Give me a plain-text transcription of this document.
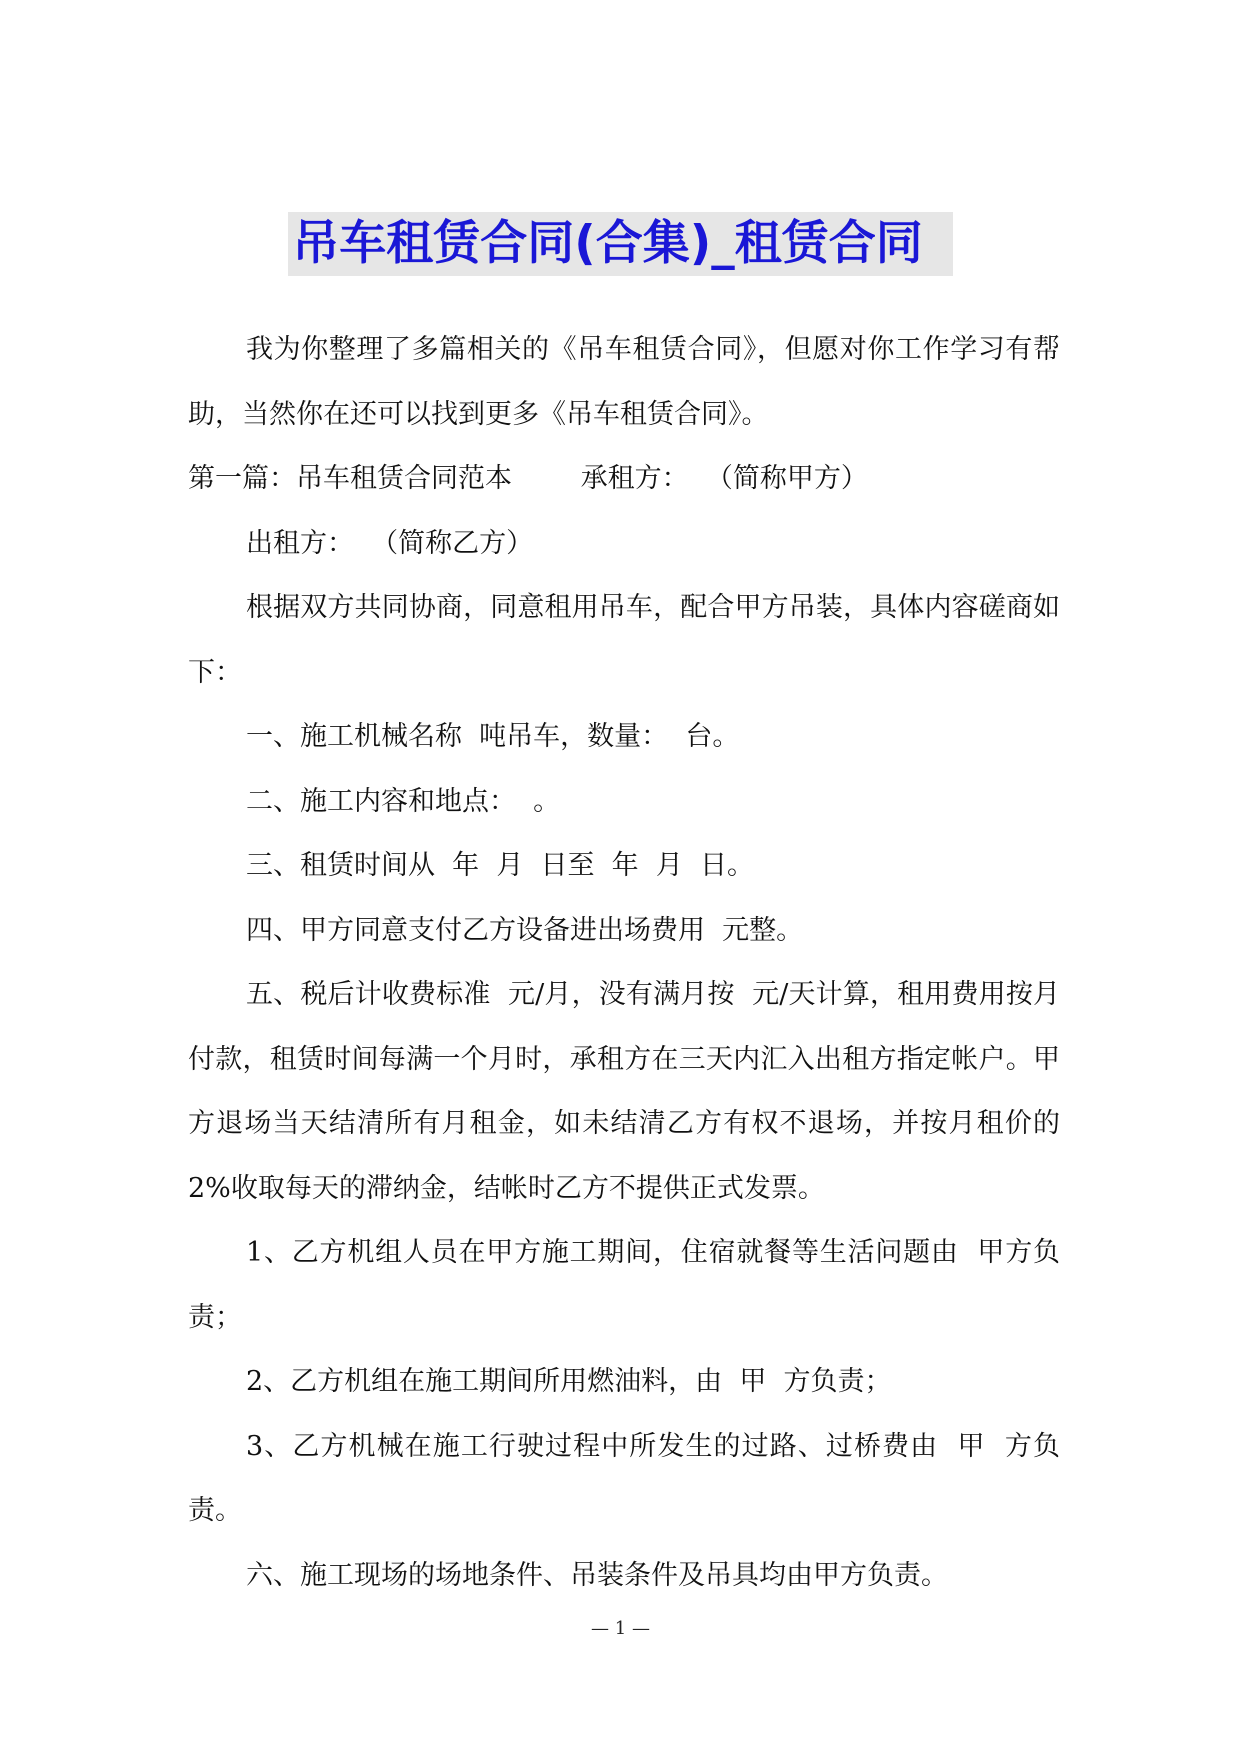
吊车租赁合同(合集)_租赁合同

我为你整理了多篇相关的《吊车租赁合同》，但愿对你工作学习有帮助，当然你在还可以找到更多《吊车租赁合同》。

第一篇：吊车租赁合同范本        承租方：  （简称甲方）

出租方：  （简称乙方）

根据双方共同协商，同意租用吊车，配合甲方吊装，具体内容磋商如下：

一、施工机械名称  吨吊车，数量：  台。

二、施工内容和地点：  。

三、租赁时间从  年  月  日至  年  月  日。

四、甲方同意支付乙方设备进出场费用  元整。

五、税后计收费标准  元/月，没有满月按  元/天计算，租用费用按月付款，租赁时间每满一个月时，承租方在三天内汇入出租方指定帐户。甲方退场当天结清所有月租金，如未结清乙方有权不退场，并按月租价的 2%收取每天的滞纳金，结帐时乙方不提供正式发票。

1、乙方机组人员在甲方施工期间，住宿就餐等生活问题由  甲方负责；

2、乙方机组在施工期间所用燃油料，由  甲  方负责；

3、乙方机械在施工行驶过程中所发生的过路、过桥费由  甲  方负责。

六、施工现场的场地条件、吊装条件及吊具均由甲方负责。

— 1 —
